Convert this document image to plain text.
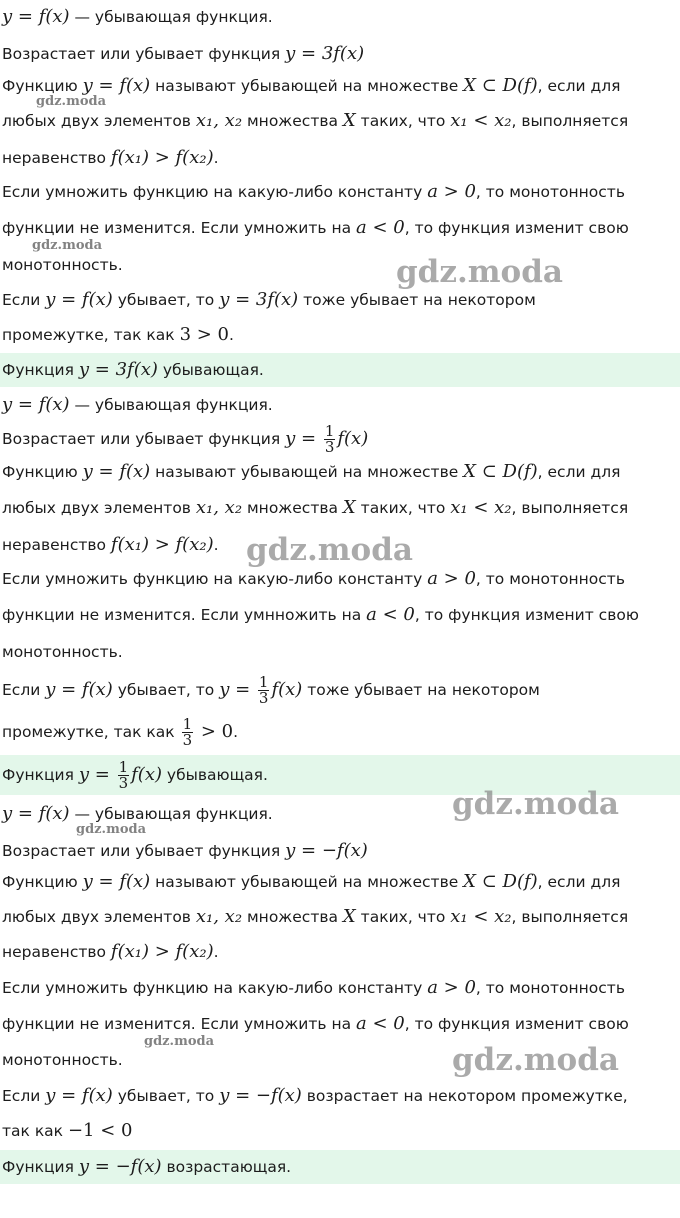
y = f(x) — убывающая функция.
Возрастает или убывает функция y = 3f(x)
Функцию y = f(x) называют убывающей на множестве X ⊂ D(f), если для
любых двух элементов x₁, x₂ множества X таких, что x₁ < x₂, выполняется
неравенство f(x₁) > f(x₂).
Если умножить функцию на какую-либо константу a > 0, то монотонность
функции не изменится. Если умножить на a < 0, то функция изменит свою
монотонность.
Если y = f(x) убывает, то y = 3f(x) тоже убывает на некотором
промежутке, так как 3 > 0.
Функция y = 3f(x) убывающая.
y = f(x) — убывающая функция.
Возрастает или убывает функция $y = \frac{1}{3} f(x)$
Функцию y = f(x) называют убывающей на множестве X ⊂ D(f), если для
любых двух элементов x₁, x₂ множества X таких, что x₁ < x₂, выполняется
неравенство f(x₁) > f(x₂).
Если умножить функцию на какую-либо константу a > 0, то монотонность
функции не изменится. Если умнножить на a < 0, то функция изменит свою
монотонность.
Если y = f(x) убывает, то $y = \frac{1}{3} f(x)$ тоже убывает на некотором
промежутке, так как $\frac{1}{3} > 0$.
Функция $y = \frac{1}{3} f(x)$ убывающая.
y = f(x) — убывающая функция.
Возрастает или убывает функция y = −f(x)
Функцию y = f(x) называют убывающей на множестве X ⊂ D(f), если для
любых двух элементов x₁, x₂ множества X таких, что x₁ < x₂, выполняется
неравенство f(x₁) > f(x₂).
Если умножить функцию на какую-либо константу a > 0, то монотонность
функции не изменится. Если умножить на a < 0, то функция изменит свою
монотонность.
Если y = f(x) убывает, то y = −f(x) возрастает на некотором промежутке,
так как −1 < 0
Функция y = −f(x) возрастающая.
gdz.moda
gdz.moda
gdz.moda
gdz.moda
gdz.moda
gdz.moda
gdz.moda
gdz.moda
